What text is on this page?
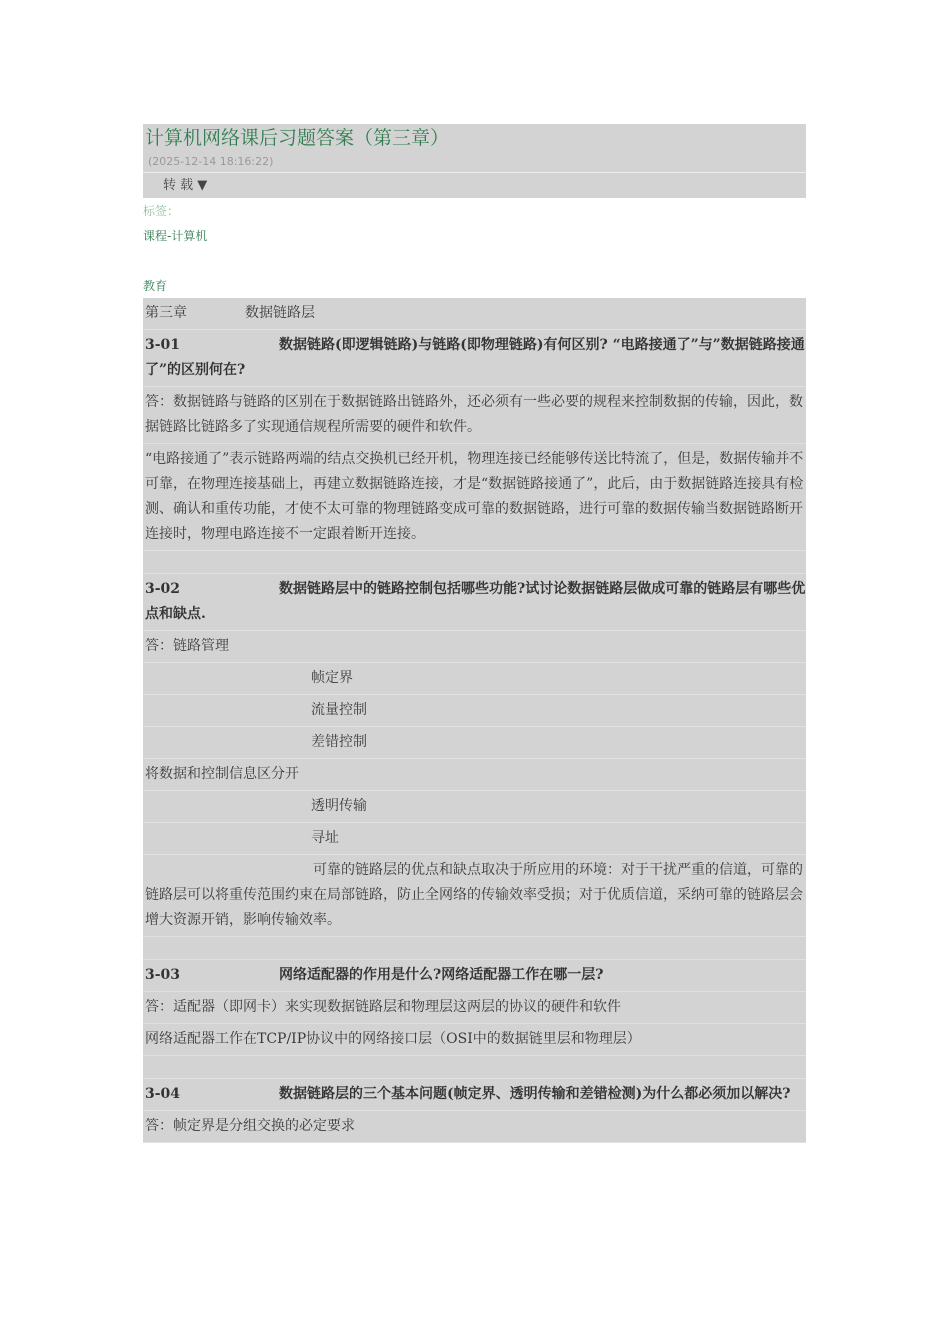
计算机网络课后习题答案（第三章）
(2025-12-14 18:16:22)
转 载 ▼
标签：
课程-计算机
教育
第三章	数据链路层
3-01	数据链路(即逻辑链路)与链路(即物理链路)有何区别? “电路接通了”与”数据链路接通了”的区别何在?
答：数据链路与链路的区别在于数据链路出链路外，还必须有一些必要的规程来控制数据的传输，因此，数据链路比链路多了实现通信规程所需要的硬件和软件。
“电路接通了”表示链路两端的结点交换机已经开机，物理连接已经能够传送比特流了，但是，数据传输并不可靠，在物理连接基础上，再建立数据链路连接，才是“数据链路接通了”，此后，由于数据链路连接具有检测、确认和重传功能，才使不太可靠的物理链路变成可靠的数据链路，进行可靠的数据传输当数据链路断开连接时，物理电路连接不一定跟着断开连接。
3-02	数据链路层中的链路控制包括哪些功能?试讨论数据链路层做成可靠的链路层有哪些优点和缺点.
答：链路管理
帧定界
流量控制
差错控制
将数据和控制信息区分开
透明传输
寻址
可靠的链路层的优点和缺点取决于所应用的环境：对于干扰严重的信道，可靠的链路层可以将重传范围约束在局部链路，防止全网络的传输效率受损；对于优质信道，采纳可靠的链路层会增大资源开销，影响传输效率。
3-03	网络适配器的作用是什么?网络适配器工作在哪一层?
答：适配器（即网卡）来实现数据链路层和物理层这两层的协议的硬件和软件
网络适配器工作在TCP/IP协议中的网络接口层（OSI中的数据链里层和物理层）
3-04	数据链路层的三个基本问题(帧定界、透明传输和差错检测)为什么都必须加以解决?
答：帧定界是分组交换的必定要求
